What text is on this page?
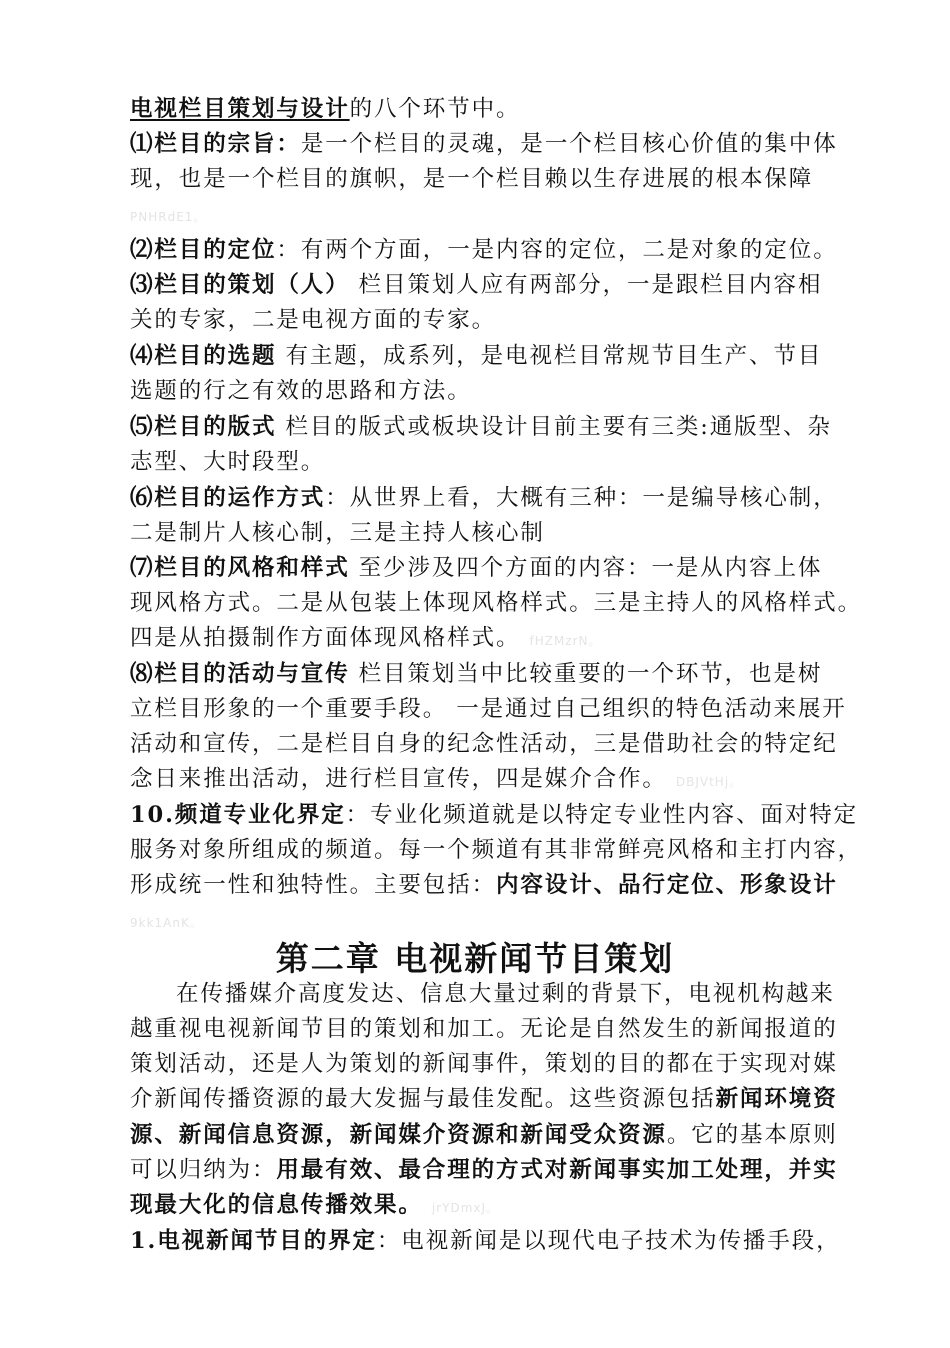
电视栏目策划与设计的八个环节中。
⑴栏目的宗旨：是一个栏目的灵魂，是一个栏目核心价值的集中体
现，也是一个栏目的旗帜，是一个栏目赖以生存进展的根本保障
PNHRdE1。
⑵栏目的定位：有两个方面，一是内容的定位，二是对象的定位。
⑶栏目的策划（人） 栏目策划人应有两部分，一是跟栏目内容相
关的专家，二是电视方面的专家。
⑷栏目的选题 有主题，成系列，是电视栏目常规节目生产、节目
选题的行之有效的思路和方法。
⑸栏目的版式 栏目的版式或板块设计目前主要有三类:通版型、杂
志型、大时段型。
⑹栏目的运作方式：从世界上看，大概有三种：一是编导核心制，
二是制片人核心制，三是主持人核心制
⑺栏目的风格和样式 至少涉及四个方面的内容：一是从内容上体
现风格方式。二是从包装上体现风格样式。三是主持人的风格样式。
四是从拍摄制作方面体现风格样式。 fHZMzrN。
⑻栏目的活动与宣传 栏目策划当中比较重要的一个环节，也是树
立栏目形象的一个重要手段。 一是通过自己组织的特色活动来展开
活动和宣传，二是栏目自身的纪念性活动，三是借助社会的特定纪
念日来推出活动，进行栏目宣传，四是媒介合作。 DBJVtHj。
10.频道专业化界定：专业化频道就是以特定专业性内容、面对特定
服务对象所组成的频道。每一个频道有其非常鲜亮风格和主打内容，
形成统一性和独特性。主要包括：内容设计、品行定位、形象设计
9kk1AnK。
第二章 电视新闻节目策划
在传播媒介高度发达、信息大量过剩的背景下，电视机构越来
越重视电视新闻节目的策划和加工。无论是自然发生的新闻报道的
策划活动，还是人为策划的新闻事件，策划的目的都在于实现对媒
介新闻传播资源的最大发掘与最佳发配。这些资源包括新闻环境资
源、新闻信息资源，新闻媒介资源和新闻受众资源。它的基本原则
可以归纳为：用最有效、最合理的方式对新闻事实加工处理，并实
现最大化的信息传播效果。 jrYDmxJ。
1.电视新闻节目的界定：电视新闻是以现代电子技术为传播手段，
